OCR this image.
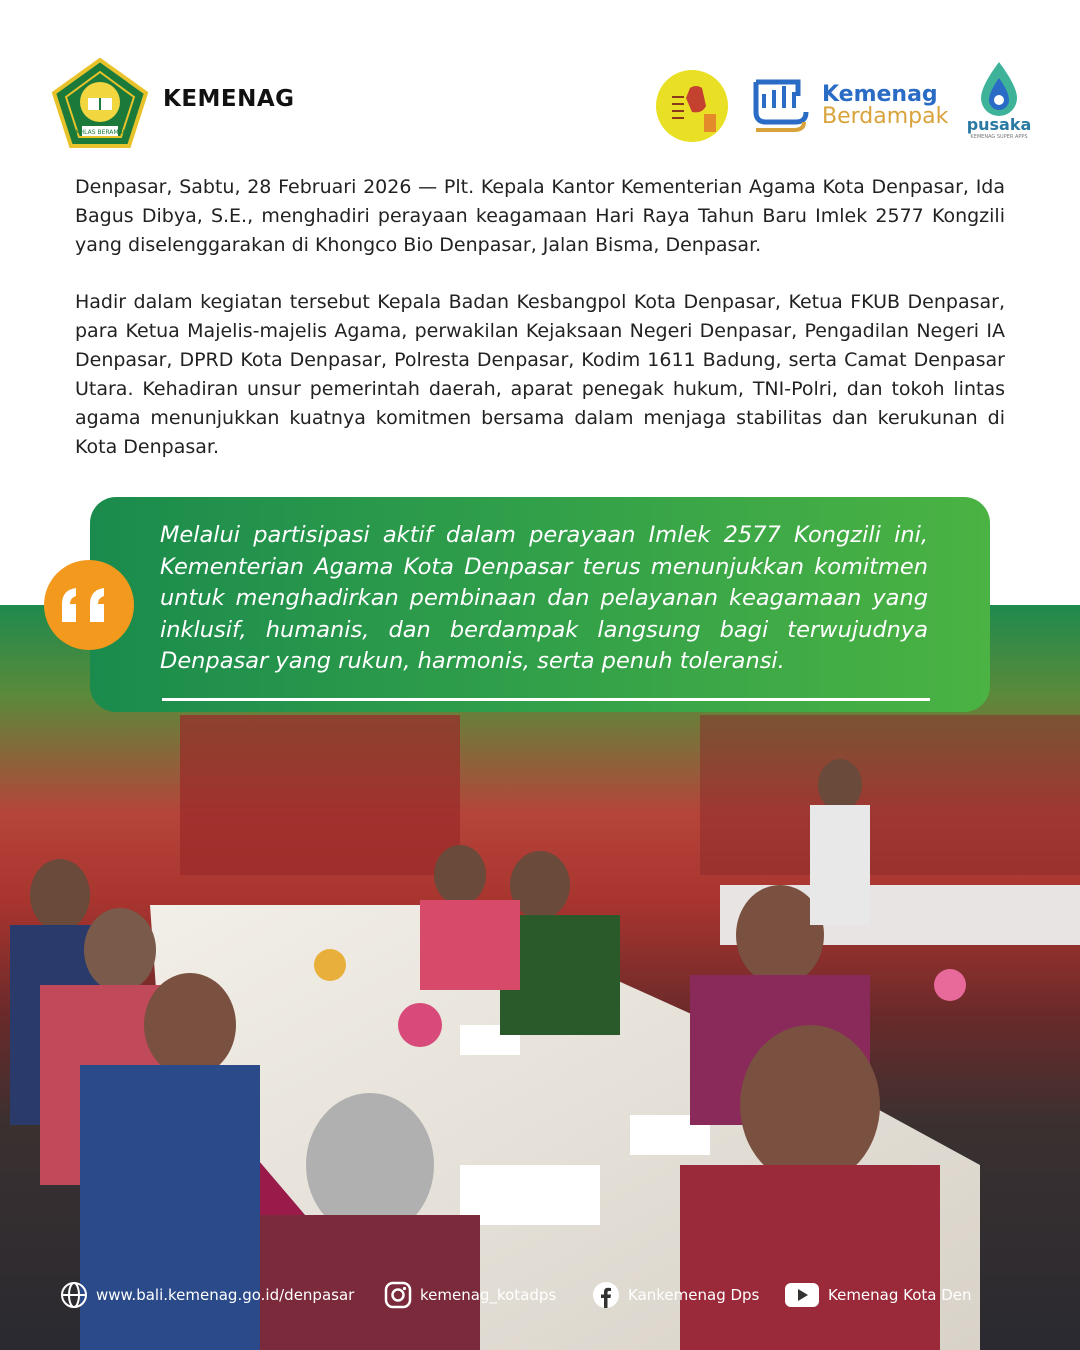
IKHLAS BERAMAL
KEMENAG	Kemenag
Berdampak pusaka
KEMENAG SUPER APPS

Denpasar, Sabtu, 28 Februari 2026 — Plt. Kepala Kantor Kementerian Agama Kota Denpasar, Ida Bagus Dibya, S.E., menghadiri perayaan keagamaan Hari Raya Tahun Baru Imlek 2577 Kongzili yang diselenggarakan di Khongco Bio Denpasar, Jalan Bisma, Denpasar.

Hadir dalam kegiatan tersebut Kepala Badan Kesbangpol Kota Denpasar, Ketua FKUB Denpasar, para Ketua Majelis-majelis Agama, perwakilan Kejaksaan Negeri Denpasar, Pengadilan Negeri IA Denpasar, DPRD Kota Denpasar, Polresta Denpasar, Kodim 1611 Badung, serta Camat Denpasar Utara. Kehadiran unsur pemerintah daerah, aparat penegak hukum, TNI-Polri, dan tokoh lintas agama menunjukkan kuatnya komitmen bersama dalam menjaga stabilitas dan kerukunan di Kota Denpasar.

Melalui partisipasi aktif dalam perayaan Imlek 2577 Kongzili ini, Kementerian Agama Kota Denpasar terus menunjukkan komitmen untuk menghadirkan pembinaan dan pelayanan keagamaan yang inklusif, humanis, dan berdampak langsung bagi terwujudnya Denpasar yang rukun, harmonis, serta penuh toleransi.

www.bali.kemenag.go.id/denpasar	kemenag_kotadps	Kankemenag Dps	Kemenag Kota Den
